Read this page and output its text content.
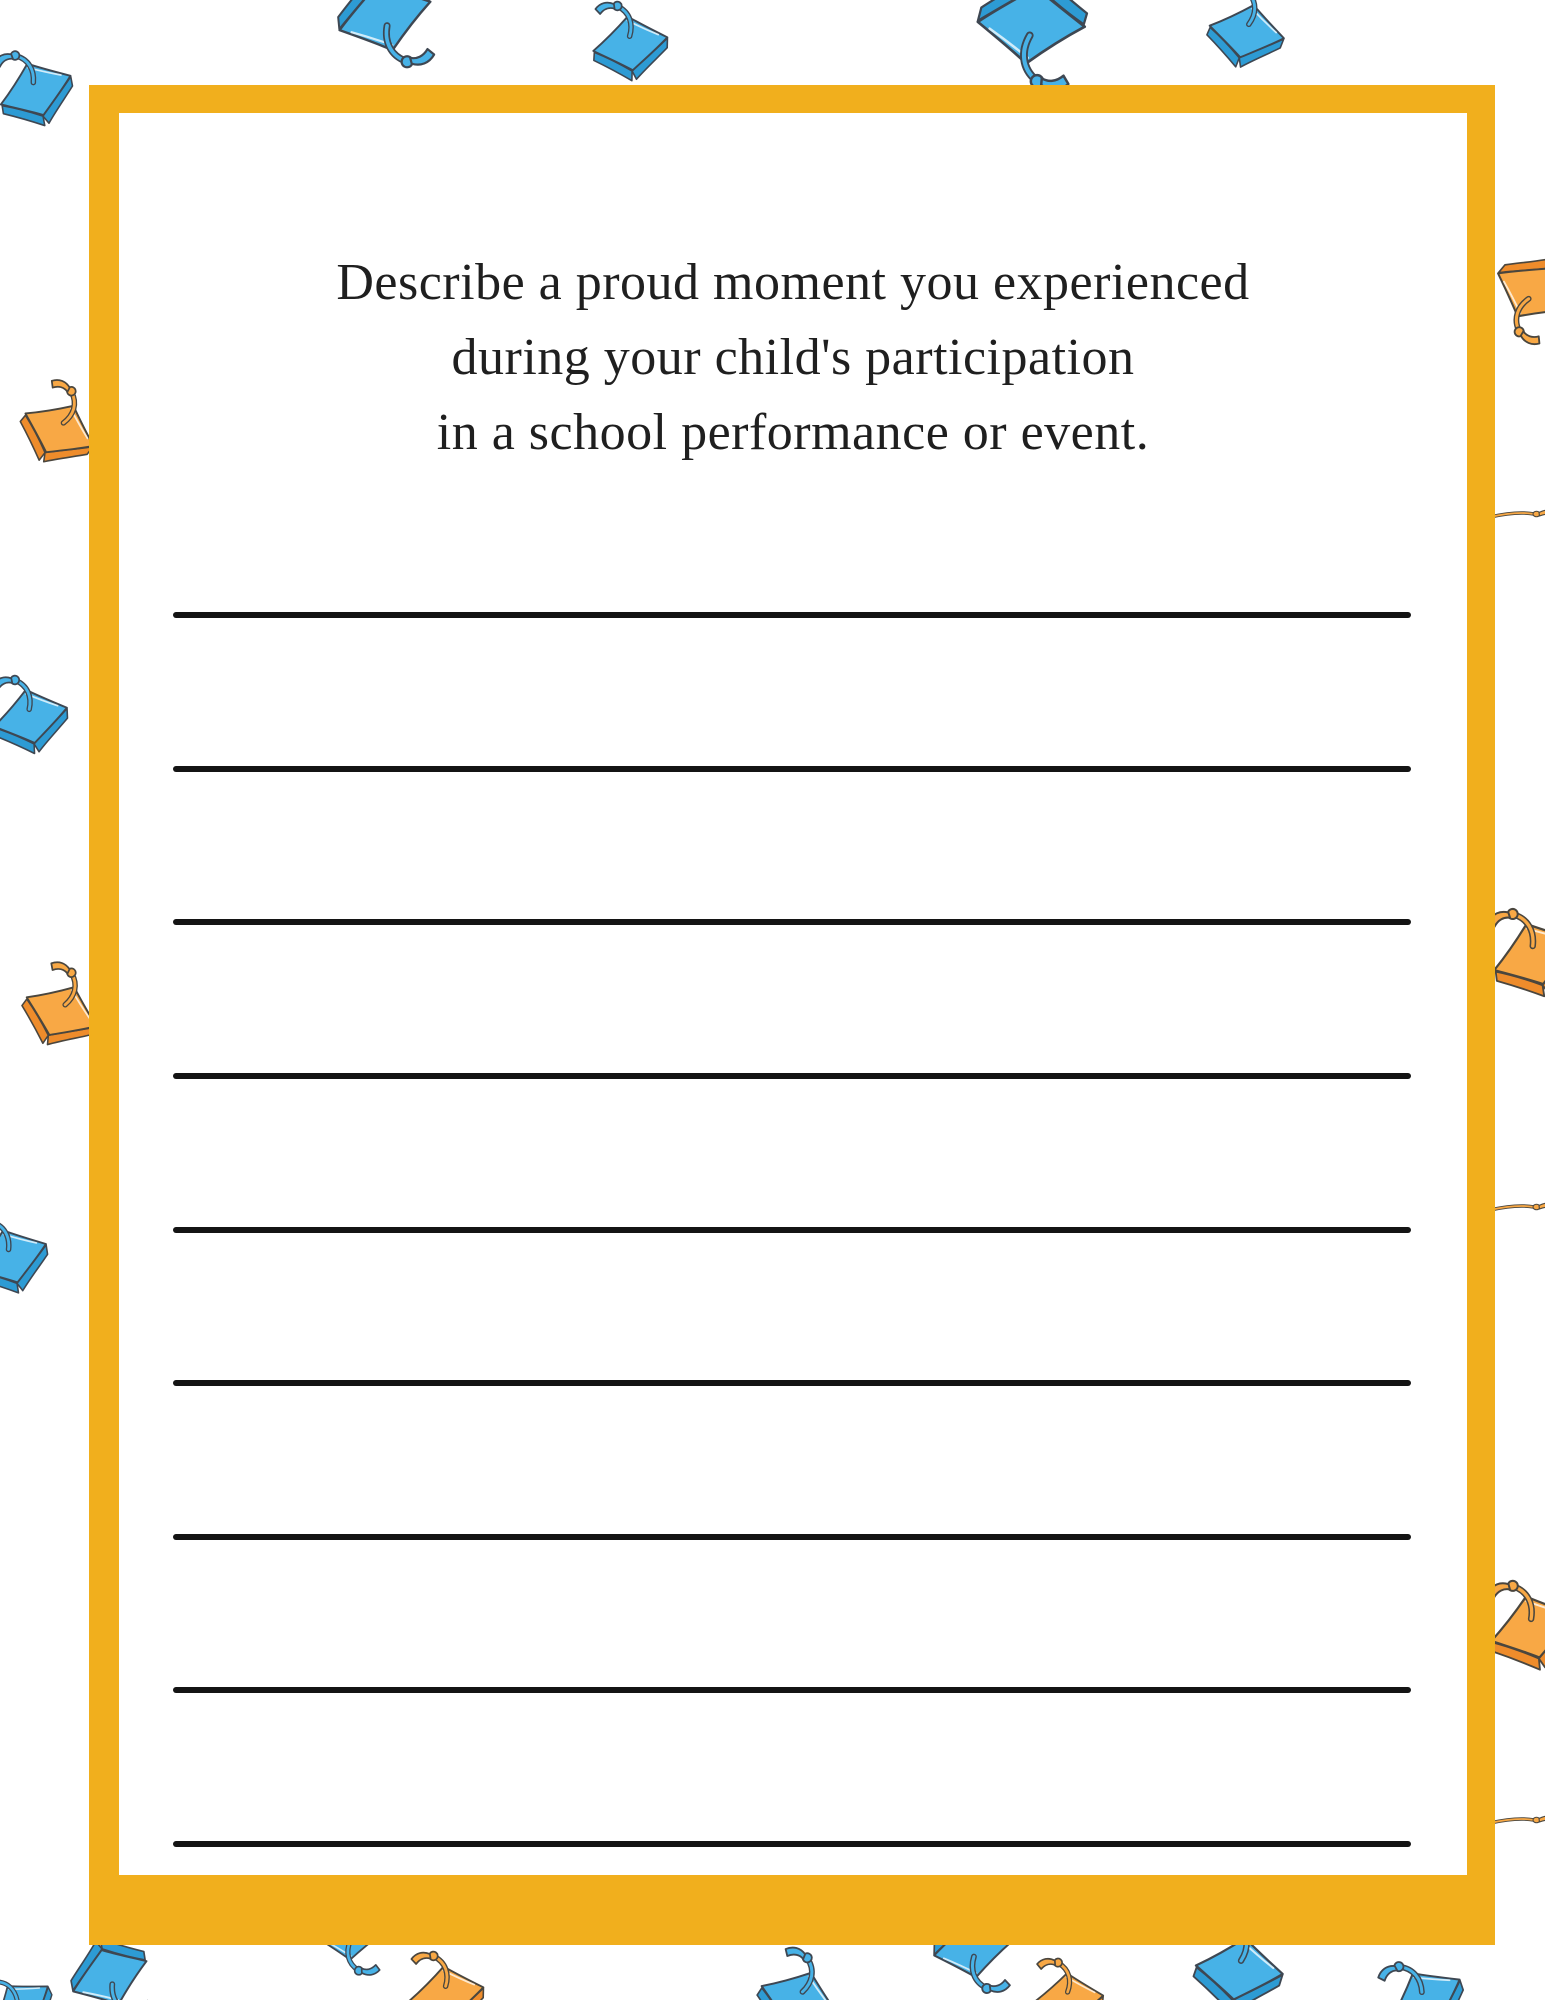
Describe a proud moment you experienced
during your child's participation
in a school performance or event.
